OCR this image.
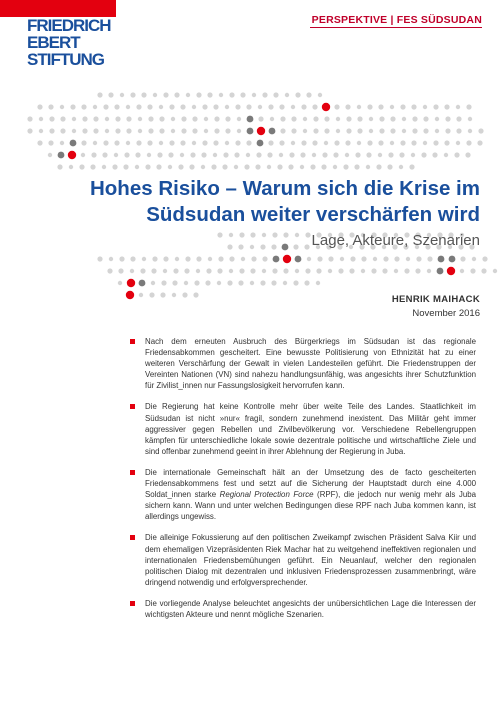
FRIEDRICH
EBERT
STIFTUNG
PERSPEKTIVE | FES SÜDSUDAN
Hohes Risiko – Warum sich die Krise im
Südsudan weiter verschärfen wird
Lage, Akteure, Szenarien
HENRIK MAIHACK
November 2016
Nach dem erneuten Ausbruch des Bürgerkriegs im Südsudan ist das regionale Friedensabkommen gescheitert. Eine bewusste Politisierung von Ethnizität hat zu einer weiteren Verschärfung der Gewalt in vielen Landesteilen geführt. Die Friedenstruppen der Vereinten Nationen (VN) sind nahezu handlungsunfähig, was angesichts ihrer Schutzfunktion für Zivilist_innen nur Fassungslosigkeit hervorrufen kann.
Die Regierung hat keine Kontrolle mehr über weite Teile des Landes. Staatlichkeit im Südsudan ist nicht »nur« fragil, sondern zunehmend inexistent. Das Militär geht immer aggressiver gegen Rebellen und Zivilbevölkerung vor. Verschiedene Rebellengruppen kämpfen für unterschiedliche lokale sowie dezentrale politische und wirtschaftliche Ziele und sind offenbar zunehmend geeint in ihrer Ablehnung der Regierung in Juba.
Die internationale Gemeinschaft hält an der Umsetzung des de facto gescheiterten Friedensabkommens fest und setzt auf die Sicherung der Hauptstadt durch eine 4.000 Soldat_innen starke Regional Protection Force (RPF), die jedoch nur wenig mehr als Juba sichern kann. Wann und unter welchen Bedingungen diese RPF nach Juba kommen kann, ist allerdings ungewiss.
Die alleinige Fokussierung auf den politischen Zweikampf zwischen Präsident Salva Kiir und dem ehemaligen Vizepräsidenten Riek Machar hat zu weitgehend ineffektiven regionalen und internationalen Friedensbemühungen geführt. Ein Neuanlauf, welcher den regionalen politischen Dialog mit dezentralen und inklusiven Friedensprozessen zusammenbringt, wäre dringend notwendig und erfolgversprechender.
Die vorliegende Analyse beleuchtet angesichts der unübersichtlichen Lage die Interessen der wichtigsten Akteure und nennt mögliche Szenarien.
